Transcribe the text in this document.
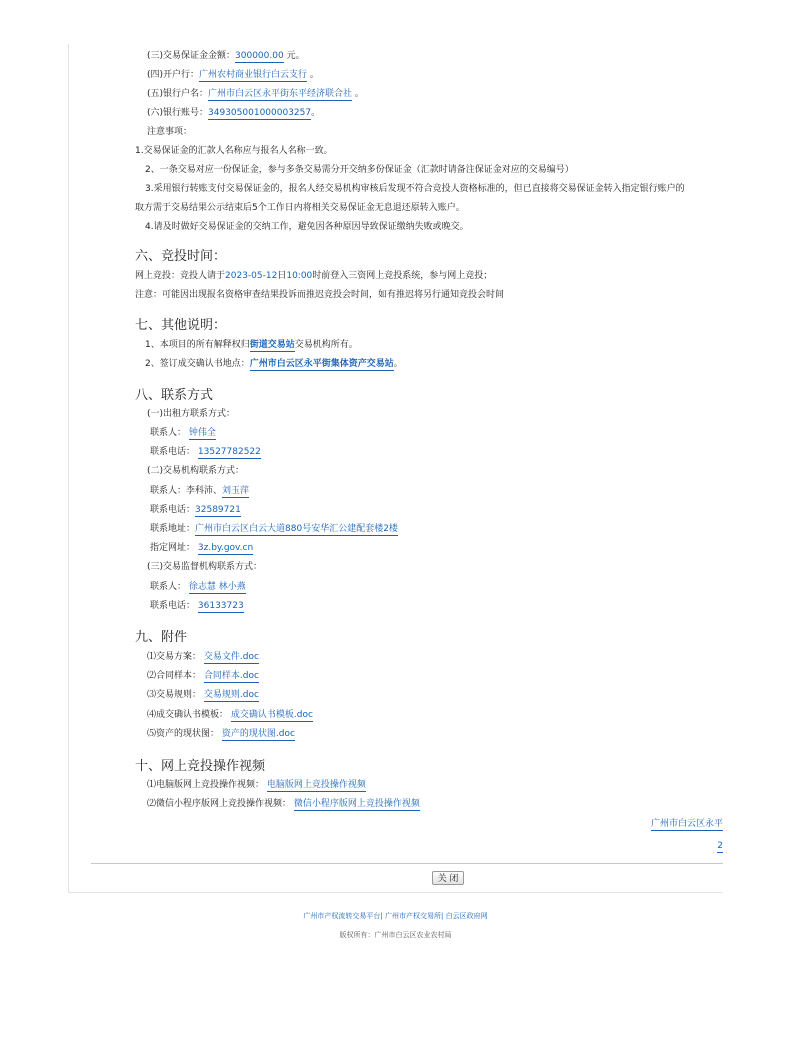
(三)交易保证金金额：300000.00 元。
(四)开户行：广州农村商业银行白云支行 。
(五)银行户名：广州市白云区永平街东平经济联合社 。
(六)银行账号：349305001000003257。
注意事项：
1.交易保证金的汇款人名称应与报名人名称一致。
2、一条交易对应一份保证金，参与多条交易需分开交纳多份保证金（汇款时请备注保证金对应的交易编号）
3.采用银行转账支付交易保证金的，报名人经交易机构审核后发现不符合竞投人资格标准的，但已直接将交易保证金转入指定银行账户的
取方需于交易结果公示结束后5个工作日内将相关交易保证金无息退还原转入账户。
4.请及时做好交易保证金的交纳工作，避免因各种原因导致保证缴纳失败或晚交。
六、竞投时间：
网上竞投：竞投人请于2023-05-12日10:00时前登入三资网上竞投系统，参与网上竞投；
注意：可能因出现报名资格审查结果投诉而推迟竞投会时间，如有推迟将另行通知竞投会时间
七、其他说明：
1、本项目的所有解释权归街道交易站交易机构所有。
2、签订成交确认书地点：广州市白云区永平街集体资产交易站。
八、联系方式
(一)出租方联系方式：
联系人： 钟伟全
联系电话： 13527782522
(二)交易机构联系方式：
联系人：李科沛、刘玉萍
联系电话：32589721
联系地址：广州市白云区白云大道880号安华汇公建配套楼2楼
指定网址： 3z.by.gov.cn
(三)交易监督机构联系方式：
联系人： 徐志慧 林小燕
联系电话： 36133723
九、附件
⑴交易方案： 交易文件.doc
⑵合同样本： 合同样本.doc
⑶交易规则： 交易规则.doc
⑷成交确认书模板： 成交确认书模板.doc
⑸资产的现状图： 资产的现状图.doc
十、网上竞投操作视频
⑴电脑版网上竞投操作视频： 电脑版网上竞投操作视频
⑵微信小程序版网上竞投操作视频： 微信小程序版网上竞投操作视频
广州市白云区永平
2
关 闭
广州市产权流转交易平台| 广州市产权交易所| 白云区政府网
版权所有：广州市白云区农业农村局
